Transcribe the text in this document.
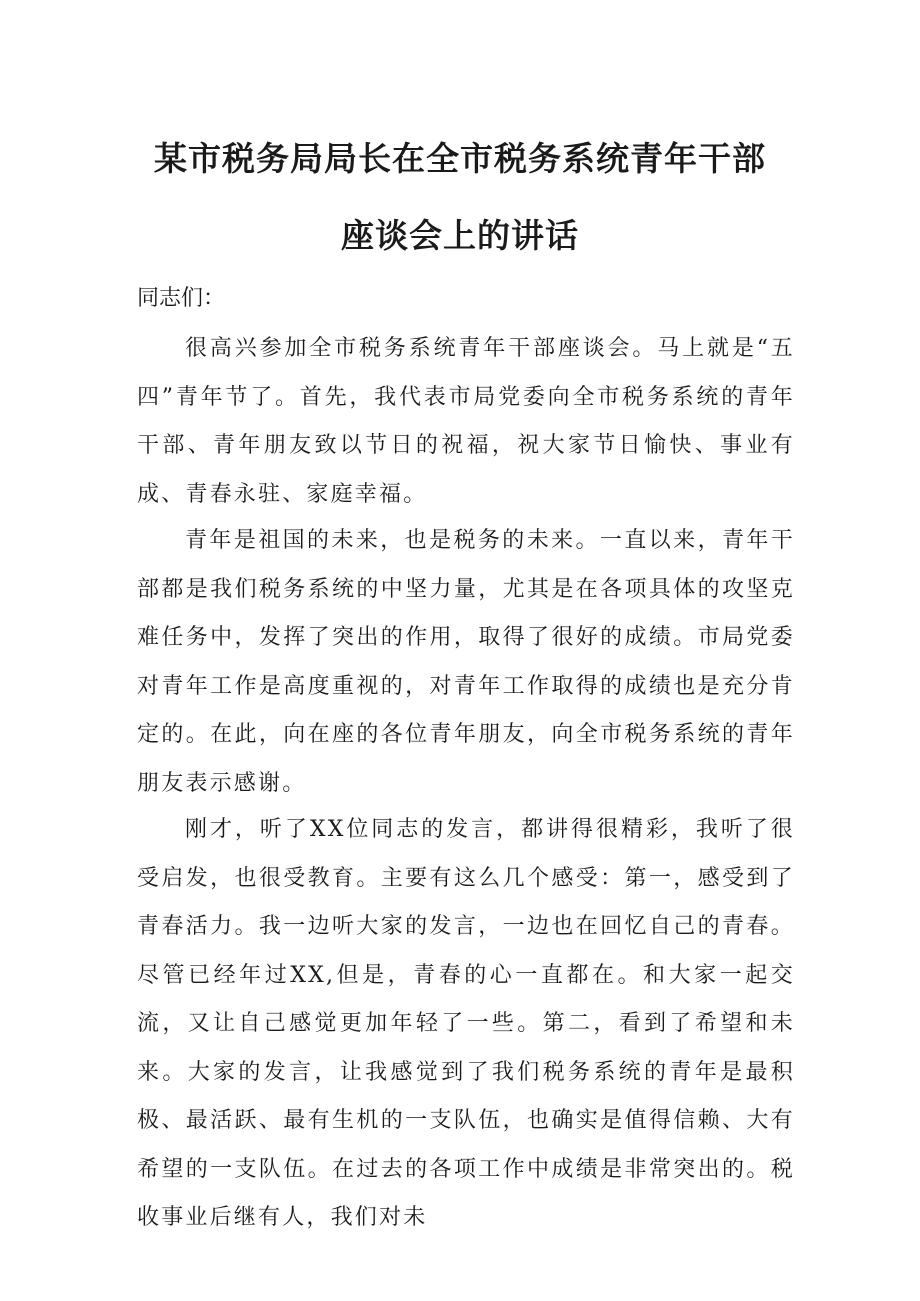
某市税务局局长在全市税务系统青年干部
座谈会上的讲话
同志们：

很高兴参加全市税务系统青年干部座谈会。马上就是“五四”青年节了。首先，我代表市局党委向全市税务系统的青年干部、青年朋友致以节日的祝福，祝大家节日愉快、事业有成、青春永驻、家庭幸福。

青年是祖国的未来，也是税务的未来。一直以来，青年干部都是我们税务系统的中坚力量，尤其是在各项具体的攻坚克难任务中，发挥了突出的作用，取得了很好的成绩。市局党委对青年工作是高度重视的，对青年工作取得的成绩也是充分肯定的。在此，向在座的各位青年朋友，向全市税务系统的青年朋友表示感谢。

刚才，听了XX位同志的发言，都讲得很精彩，我听了很受启发，也很受教育。主要有这么几个感受：第一，感受到了青春活力。我一边听大家的发言，一边也在回忆自己的青春。尽管已经年过XX,但是，青春的心一直都在。和大家一起交流，又让自己感觉更加年轻了一些。第二，看到了希望和未来。大家的发言，让我感觉到了我们税务系统的青年是最积极、最活跃、最有生机的一支队伍，也确实是值得信赖、大有希望的一支队伍。在过去的各项工作中成绩是非常突出的。税收事业后继有人，我们对未
